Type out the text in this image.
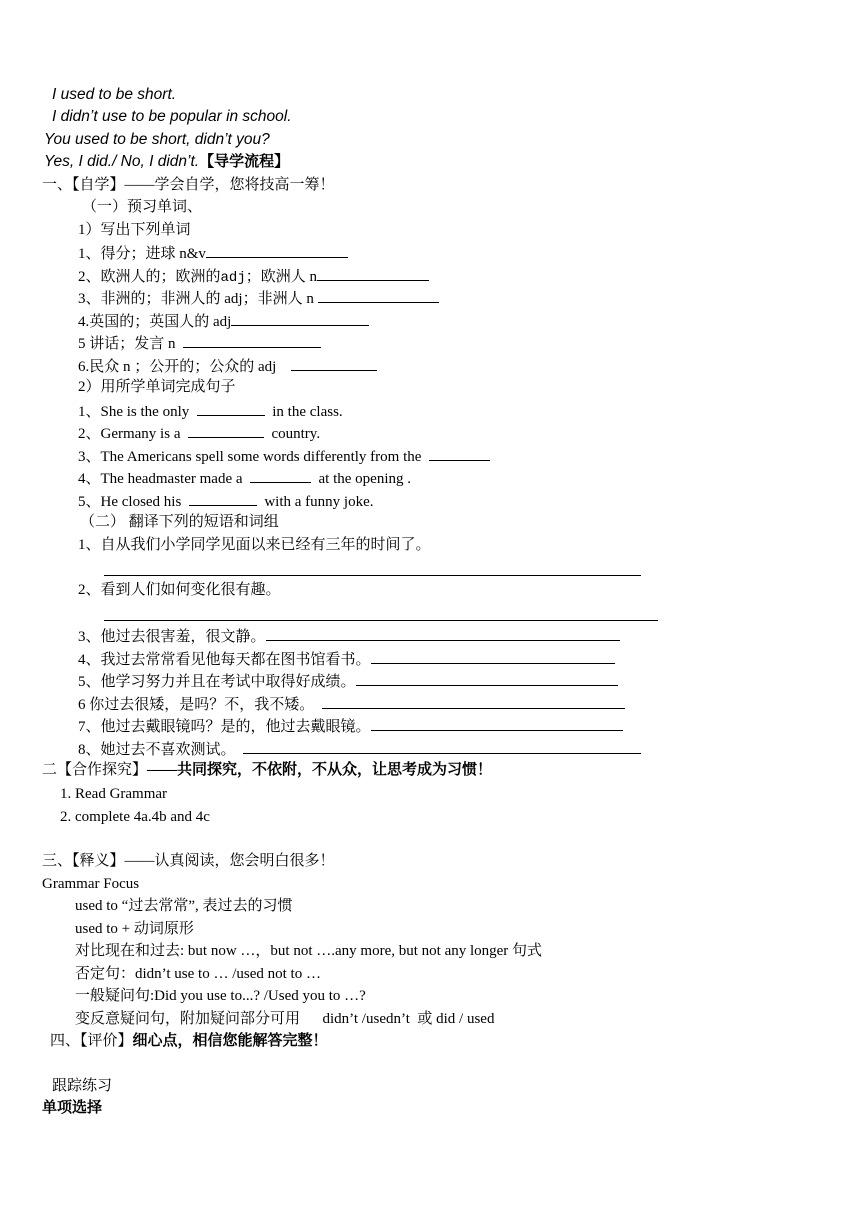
I used to be short.
I didn’t use to be popular in school.
You used to be short, didn’t you?
Yes, I did./ No, I didn’t.【导学流程】
一、【自学】——学会自学，您将技高一筹！
（一）预习单词、
1）写出下列单词
1、得分；进球 n&v
2、欧洲人的；欧洲的adj；欧洲人 n
3、非洲的；非洲人的 adj；非洲人 n
4.英国的；英国人的 adj
5 讲话；发言 n
6.民众 n ；公开的；公众的 adj
2）用所学单词完成句子
1、She is the only	in the class.
2、Germany is a	country.
3、The Americans spell some words differently from the
4、The headmaster made a	at the opening .
5、He closed his	with a funny joke.
（二） 翻译下列的短语和词组
1、自从我们小学同学见面以来已经有三年的时间了。
2、看到人们如何变化很有趣。
3、他过去很害羞，很文静。
4、我过去常常看见他每天都在图书馆看书。
5、他学习努力并且在考试中取得好成绩。
6 你过去很矮，是吗？不，我不矮。
7、他过去戴眼镜吗？是的，他过去戴眼镜。
8、她过去不喜欢测试。
二【合作探究】——共同探究，不依附，不从众，让思考成为习惯！
1. Read Grammar
2. complete 4a.4b and 4c
三、【释义】——认真阅读，您会明白很多！
Grammar Focus
used to “过去常常”, 表过去的习惯
used to + 动词原形
对比现在和过去: but now …，but not ….any more, but not any longer 句式
否定句：didn’t use to … /used not to …
一般疑问句:Did you use to...? /Used you to …?
变反意疑问句，附加疑问部分可用      didn’t /usedn’t  或 did / used
四、【评价】细心点，相信您能解答完整！
跟踪练习
单项选择
